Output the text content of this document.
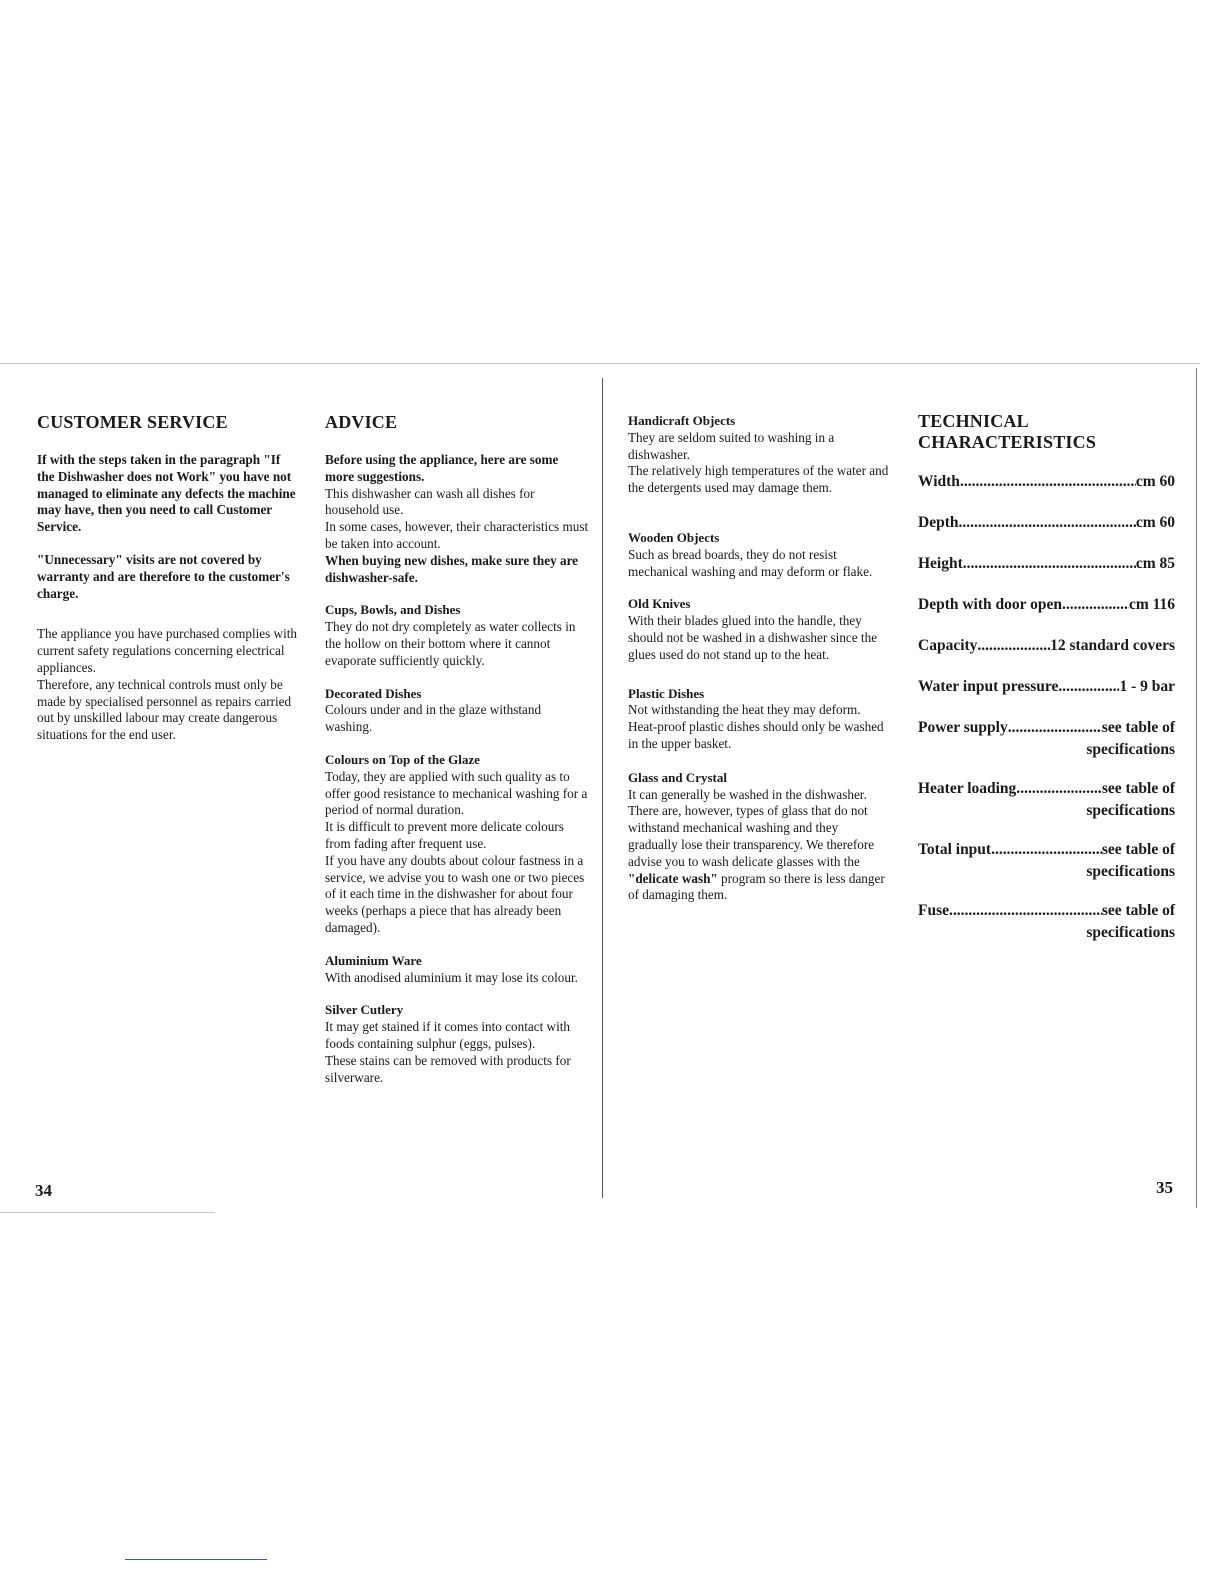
CUSTOMER SERVICE

If with the steps taken in the paragraph "If the Dishwasher does not Work" you have not managed to eliminate any defects the machine may have, then you need to call Customer Service.

"Unnecessary" visits are not covered by warranty and are therefore to the customer's charge.

The appliance you have purchased complies with current safety regulations concerning electrical appliances.

Therefore, any technical controls must only be made by specialised personnel as repairs carried out by unskilled labour may create dangerous situations for the end user.

ADVICE

Before using the appliance, here are some more suggestions.

This dishwasher can wash all dishes for household use.

In some cases, however, their characteristics must be taken into account.

When buying new dishes, make sure they are dishwasher-safe.

Cups, Bowls, and Dishes

They do not dry completely as water collects in the hollow on their bottom where it cannot evaporate sufficiently quickly.

Decorated Dishes

Colours under and in the glaze withstand washing.

Colours on Top of the Glaze

Today, they are applied with such quality as to offer good resistance to mechanical washing for a period of normal duration.

It is difficult to prevent more delicate colours from fading after frequent use.

If you have any doubts about colour fastness in a service, we advise you to wash one or two pieces of it each time in the dishwasher for about four weeks (perhaps a piece that has already been damaged).

Aluminium Ware

With anodised aluminium it may lose its colour.

Silver Cutlery

It may get stained if it comes into contact with foods containing sulphur (eggs, pulses).

These stains can be removed with products for silverware.

Handicraft Objects

They are seldom suited to washing in a dishwasher.

The relatively high temperatures of the water and the detergents used may damage them.

Wooden Objects

Such as bread boards, they do not resist mechanical washing and may deform or flake.

Old Knives

With their blades glued into the handle, they should not be washed in a dishwasher since the glues used do not stand up to the heat.

Plastic Dishes

Not withstanding the heat they may deform.

Heat-proof plastic dishes should only be washed in the upper basket.

Glass and Crystal

It can generally be washed in the dishwasher. There are, however, types of glass that do not withstand mechanical washing and they gradually lose their transparency. We therefore advise you to wash delicate glasses with the "delicate wash" program so there is less danger of damaging them.

TECHNICAL
CHARACTERISTICS
Width .....	cm 60
Depth .....	cm 60
Height .....	cm 85
Depth with door open .....	cm 116
Capacity .....	12 standard covers
Water input pressure .....	1 - 9 bar
Power supply .....	see table of
specifications
Heater loading .....	see table of
specifications
Total input .....	see table of
specifications
Fuse .....	see table of
specifications
34	35
